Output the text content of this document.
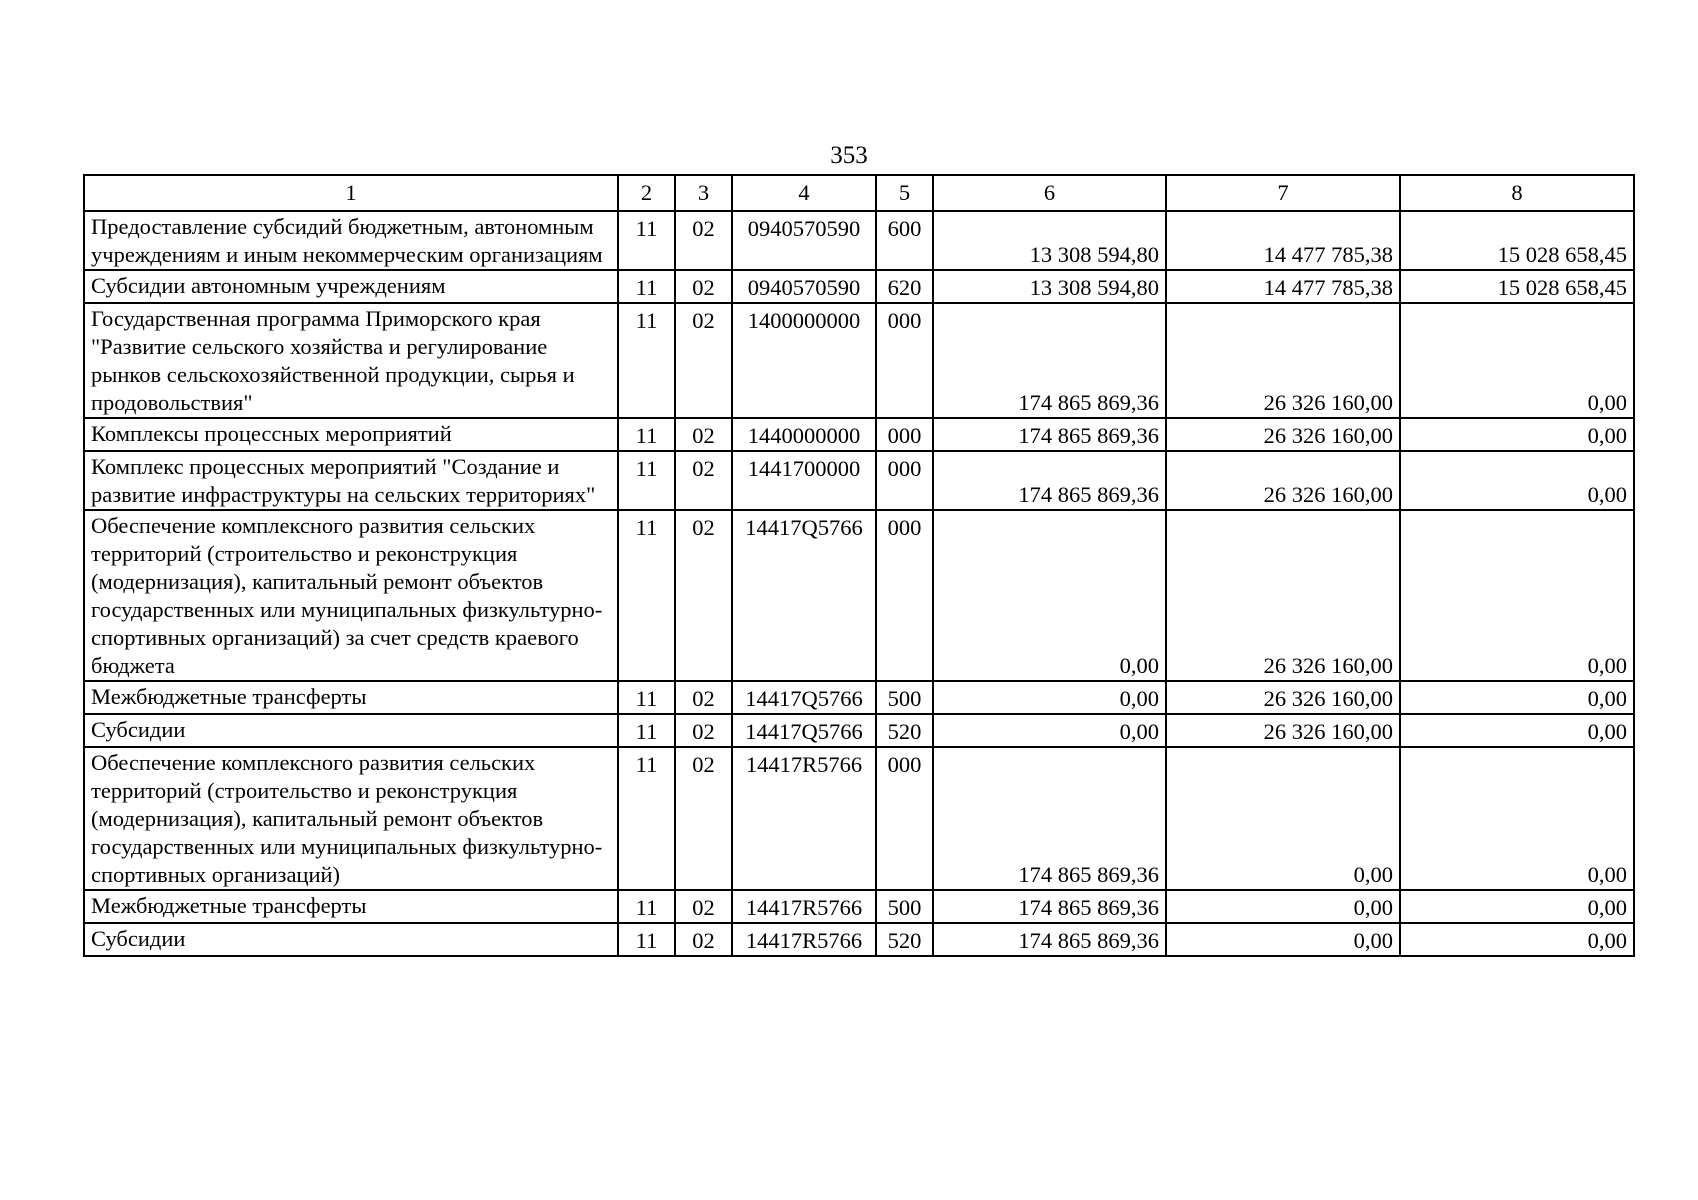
353
1	2	3	4	5	6	7	8
Предоставление субсидий бюджетным, автономным учреждениям и иным некоммерческим организациям	11	02	0940570590	600	13 308 594,80	14 477 785,38	15 028 658,45
Субсидии автономным учреждениям	11	02	0940570590	620	13 308 594,80	14 477 785,38	15 028 658,45
Государственная программа Приморского края "Развитие сельского хозяйства и регулирование рынков сельскохозяйственной продукции, сырья и продовольствия"	11	02	1400000000	000	174 865 869,36	26 326 160,00	0,00
Комплексы процессных мероприятий	11	02	1440000000	000	174 865 869,36	26 326 160,00	0,00
Комплекс процессных мероприятий "Создание и развитие инфраструктуры на сельских территориях"	11	02	1441700000	000	174 865 869,36	26 326 160,00	0,00
Обеспечение комплексного развития сельских территорий (строительство и реконструкция (модернизация), капитальный ремонт объектов государственных или муниципальных физкультурно-спортивных организаций) за счет средств краевого бюджета	11	02	14417Q5766	000	0,00	26 326 160,00	0,00
Межбюджетные трансферты	11	02	14417Q5766	500	0,00	26 326 160,00	0,00
Субсидии	11	02	14417Q5766	520	0,00	26 326 160,00	0,00
Обеспечение комплексного развития сельских территорий (строительство и реконструкция (модернизация), капитальный ремонт объектов государственных или муниципальных физкультурно-спортивных организаций)	11	02	14417R5766	000	174 865 869,36	0,00	0,00
Межбюджетные трансферты	11	02	14417R5766	500	174 865 869,36	0,00	0,00
Субсидии	11	02	14417R5766	520	174 865 869,36	0,00	0,00
